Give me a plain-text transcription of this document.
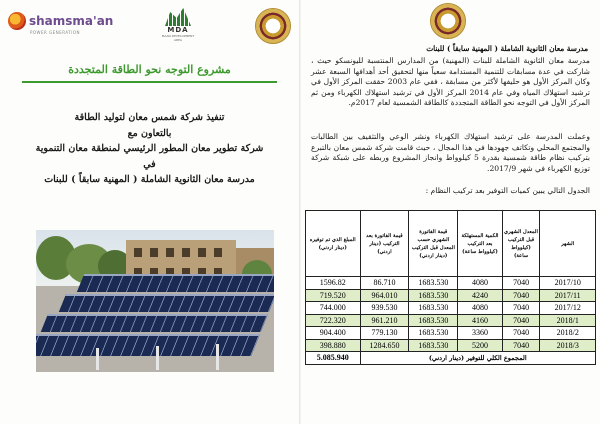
shamsma'an
POWER GENERATION	MDA
MAAN DEVELOPMENT AREA
مشروع التوجه نحو الطاقة المتجددة
تنفيذ شركة شمس معان لتوليد الطاقة
بالتعاون مع
شركة تطوير معان المطور الرئيسي لمنطقة معان التنموية
في
مدرسة معان الثانوية الشاملة ( المهنية سابقاً ) للبنات
مدرسة معان الثانوية الشاملة ( المهنية سابقاً ) للبنات

مدرسة معان الثانوية الشاملة للبنات (المهنية) من المدارس المنتسبة لليونسكو حيث ، شاركت في عدة مسابقات للتنمية المستدامة سعياً منها لتحقيق أحد أهدافها السبعة عشر وكان المركز الأول هو حليفها لأكثر من مسابقة ، ففي عام 2003 حققت المركز الأول في ترشيد استهلاك المياه وفي عام 2014 المركز الأول في ترشيد استهلاك الكهرباء ومن ثم المركز الأول في التوجه نحو الطاقة المتجددة كالطاقة الشمسية لعام 2017م.

وعملت المدرسة على ترشيد استهلاك الكهرباء ونشر الوعي والتثقيف بين الطالبات والمجتمع المحلي وتكاتف جهودها في هذا المجال ، حيث قامت شركة شمس معان بالتبرع بتركيب نظام طاقة شمسية بقدرة 5 كيلوواط وانجاز المشروع وربطه على شبكة شركة توزيع الكهرباء في شهر 2017/9.

الجدول التالي يبين كميات التوفير بعد تركيب النظام :

الشهر	المعدل الشهري قبل التركيب (كيلوواط ساعة)	الكمية المستهلكة بعد التركيب (كيلوواط ساعة)	قيمة الفاتورة الشهري حسب المعدل قبل التركيب (دينار اردني)	قيمة الفاتورة بعد التركيب (دينار اردني)	المبلغ الذي تم توفيره (دينار اردني)
2017/10	7040	4080	1683.530	86.710	1596.82
2017/11	7040	4240	1683.530	964.010	719.520
2017/12	7040	4080	1683.530	939.530	744.000
2018/1	7040	4160	1683.530	961.210	722.320
2018/2	7040	3360	1683.530	779.130	904.400
2018/3	7040	5200	1683.530	1284.650	398.880
المجموع الكلي للتوفير (دينار اردني)					5.085.940
